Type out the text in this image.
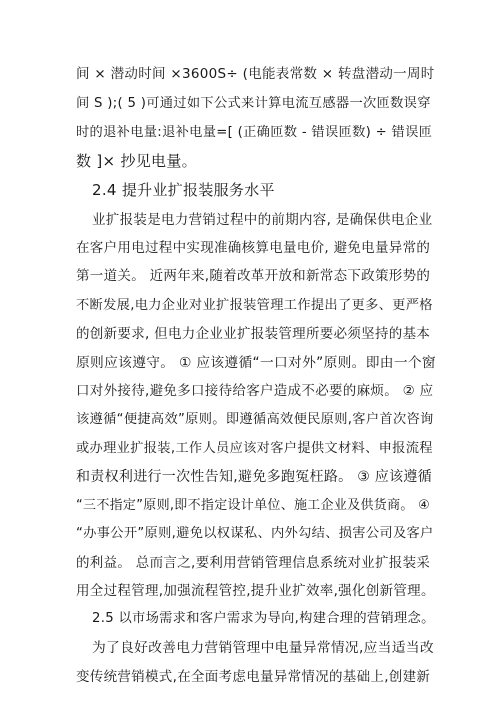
间 × 潜动时间 ×3600S÷ (电能表常数 × 转盘潜动一周时
间 S );( 5 )可通过如下公式来计算电流互感器一次匝数误穿
时的退补电量:退补电量=[ (正确匝数 - 错误匝数) ÷ 错误匝
数 ]× 抄见电量。
2.4 提升业扩报装服务水平
业扩报装是电力营销过程中的前期内容, 是确保供电企业
在客户用电过程中实现准确核算电量电价, 避免电量异常的
第一道关。 近两年来,随着改革开放和新常态下政策形势的
不断发展,电力企业对业扩报装管理工作提出了更多、更严格
的创新要求, 但电力企业业扩报装管理所要必须坚持的基本
原则应该遵守。 ① 应该遵循“一口对外”原则。即由一个窗
口对外接待,避免多口接待给客户造成不必要的麻烦。 ② 应
该遵循“便捷高效”原则。即遵循高效便民原则,客户首次咨询
或办理业扩报装,工作人员应该对客户提供文材料、申报流程
和责权利进行一次性告知,避免多跑冤枉路。 ③ 应该遵循
“三不指定”原则,即不指定设计单位、施工企业及供货商。 ④
“办事公开”原则,避免以权谋私、内外勾结、损害公司及客户
的利益。 总而言之,要利用营销管理信息系统对业扩报装采
用全过程管理,加强流程管控,提升业扩效率,强化创新管理。
2.5 以市场需求和客户需求为导向,构建合理的营销理念。
为了良好改善电力营销管理中电量异常情况,应当适当改
变传统营销模式,在全面考虑电量异常情况的基础上,创建新
